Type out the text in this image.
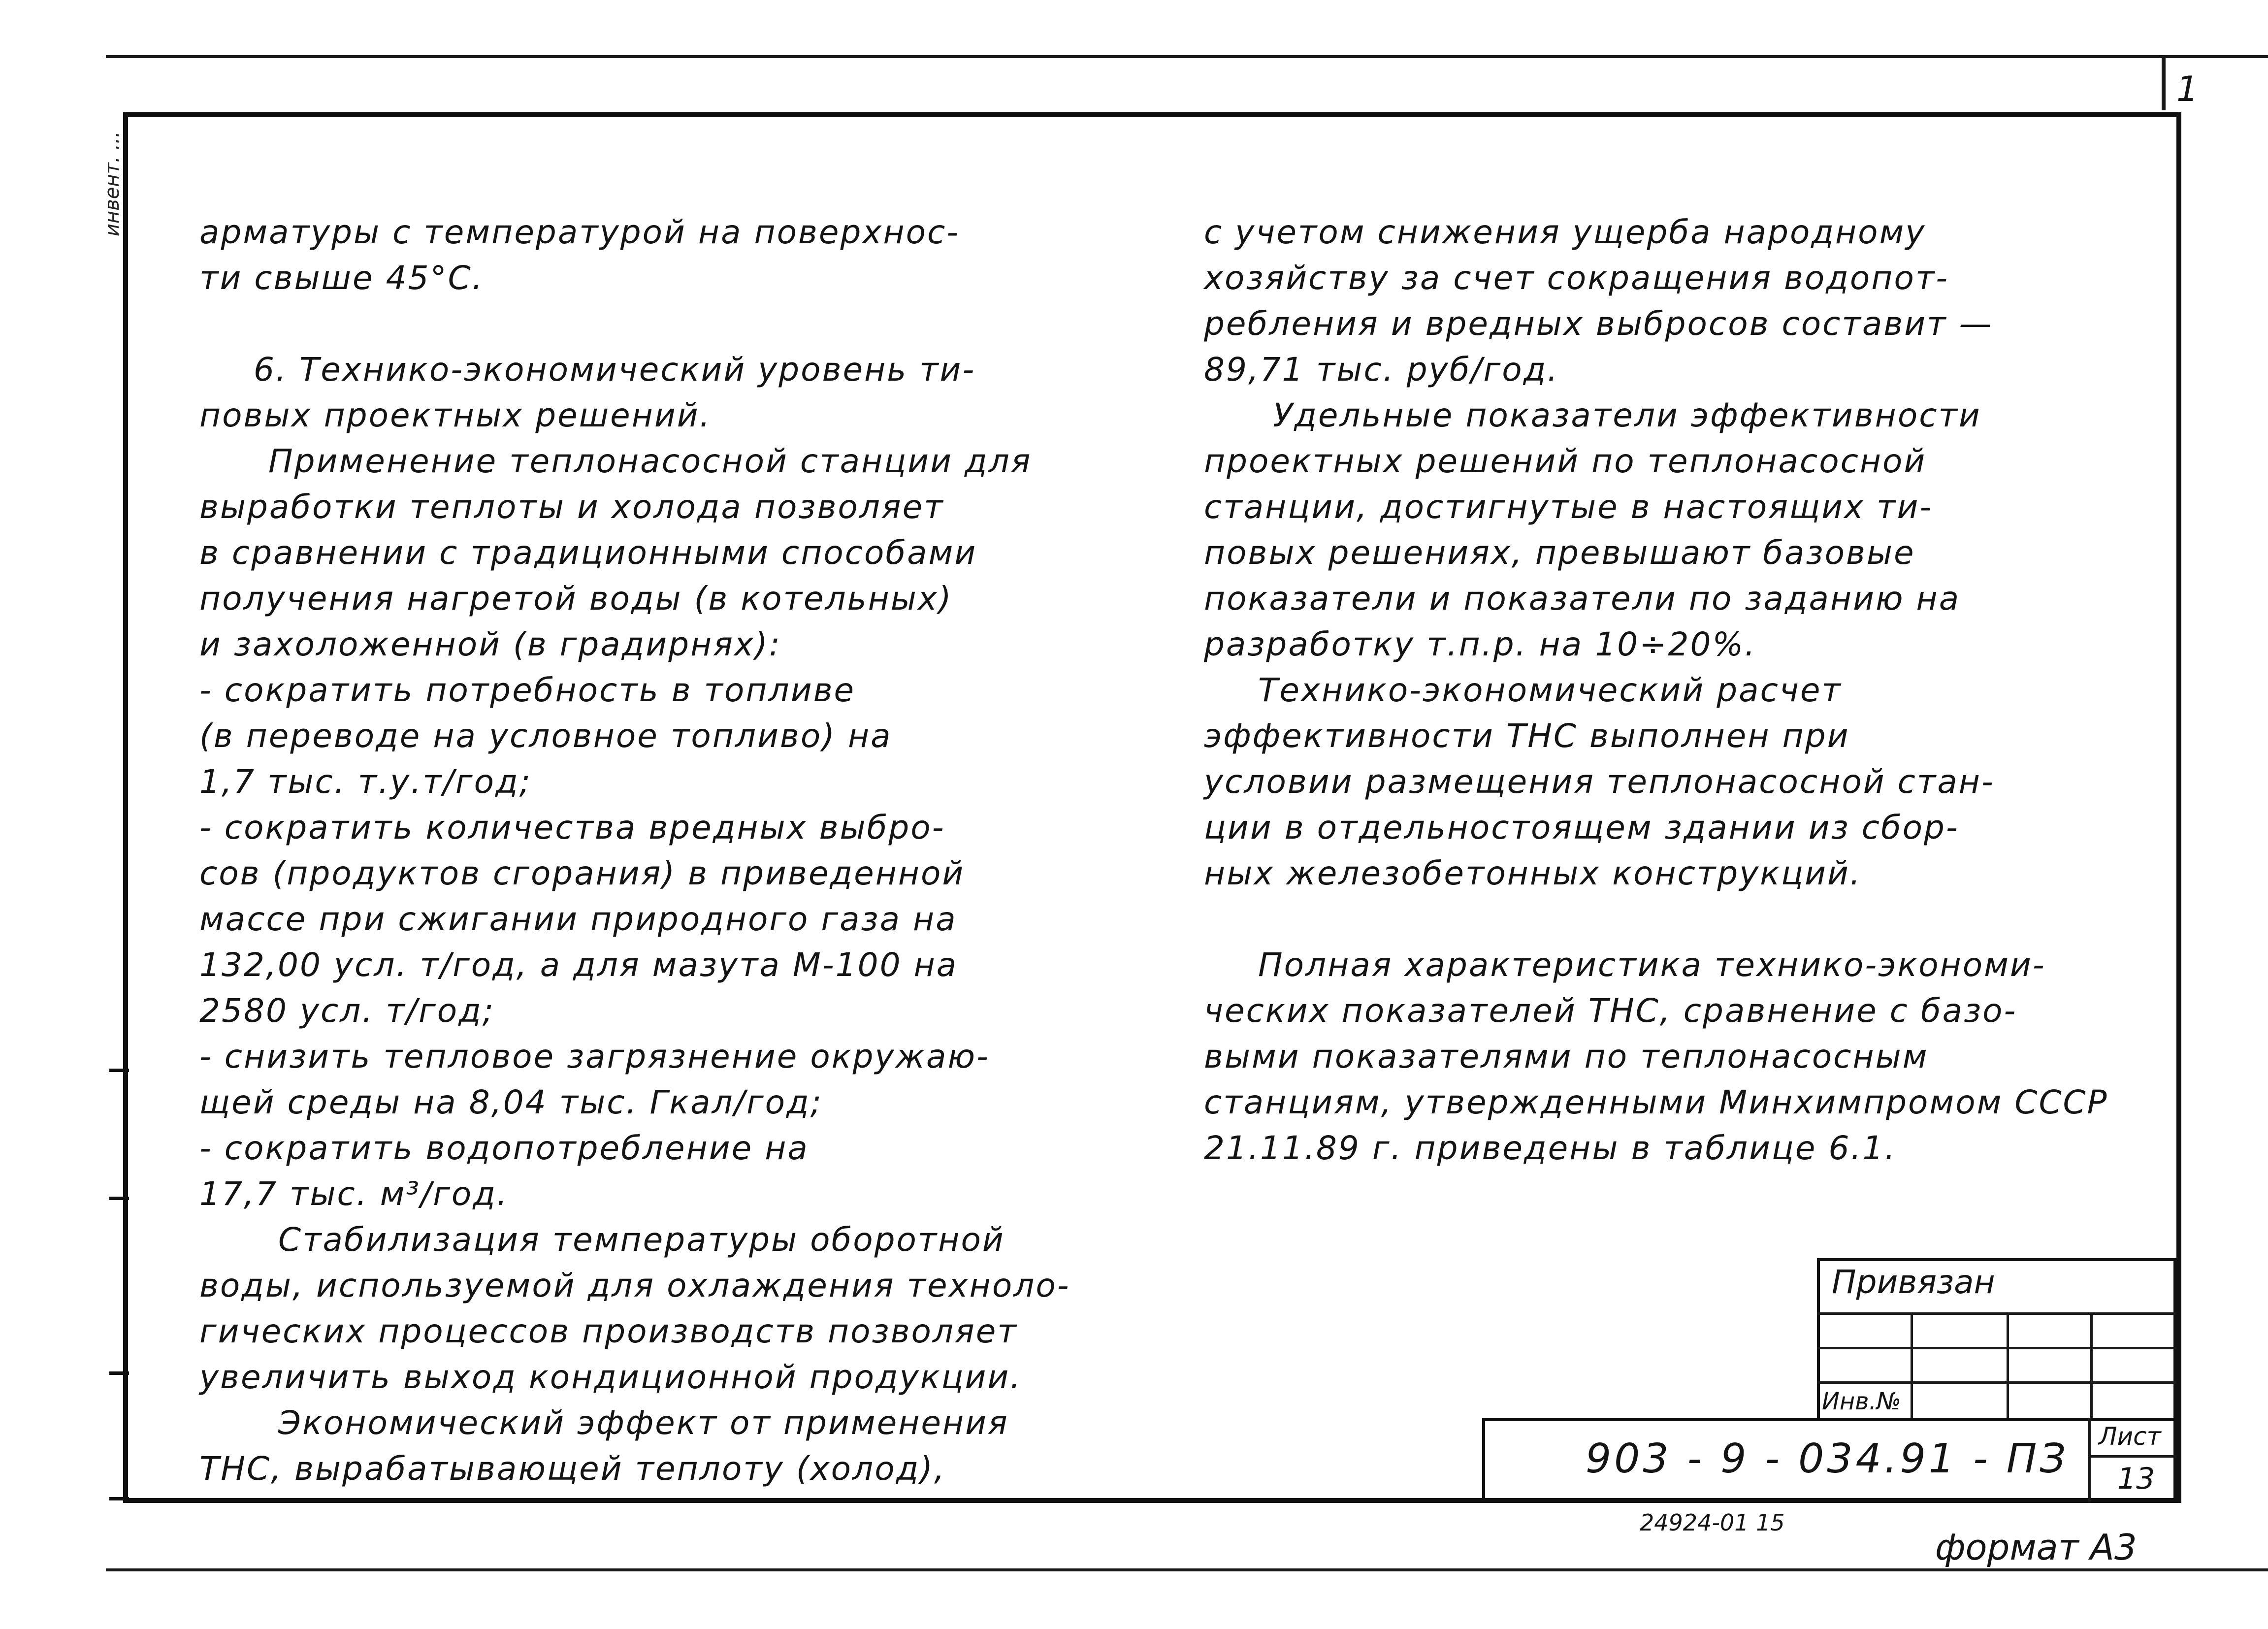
1
инвент. ... арматуры с температурой на поверхнос-
ти свыше 45°С.
6. Технико-экономический уровень ти-
повых проектных решений.
Применение теплонасосной станции для
выработки теплоты и холода позволяет
в сравнении с традиционными способами
получения нагретой воды (в котельных)
и захоложенной (в градирнях):
- сократить потребность в топливе
(в переводе на условное топливо) на
1,7 тыс. т.у.т/год;
- сократить количества вредных выбро-
сов (продуктов сгорания) в приведенной
массе при сжигании природного газа на
132,00 усл. т/год, а для мазута М-100 на
2580 усл. т/год;
- снизить тепловое загрязнение окружаю-
щей среды на 8,04 тыс. Гкал/год;
- сократить водопотребление на
17,7 тыс. м³/год.
Стабилизация температуры оборотной
воды, используемой для охлаждения техноло-
гических процессов производств позволяет
увеличить выход кондиционной продукции.
Экономический эффект от применения
ТНС, вырабатывающей теплоту (холод),
с учетом снижения ущерба народному
хозяйству за счет сокращения водопот-
ребления и вредных выбросов составит —
89,71 тыс. руб/год.
Удельные показатели эффективности
проектных решений по теплонасосной
станции, достигнутые в настоящих ти-
повых решениях, превышают базовые
показатели и показатели по заданию на
разработку т.п.р. на 10÷20%.
Технико-экономический расчет
эффективности ТНС выполнен при
условии размещения теплонасосной стан-
ции в отдельностоящем здании из сбор-
ных железобетонных конструкций.
Полная характеристика технико-экономи-
ческих показателей ТНС, сравнение с базо-
выми показателями по теплонасосным
станциям, утвержденными Минхимпромом СССР
21.11.89 г. приведены в таблице 6.1.
Привязан
Инв.№
903 - 9 - 034.91 - ПЗ Лист
13
24924-01 15
формат А3
